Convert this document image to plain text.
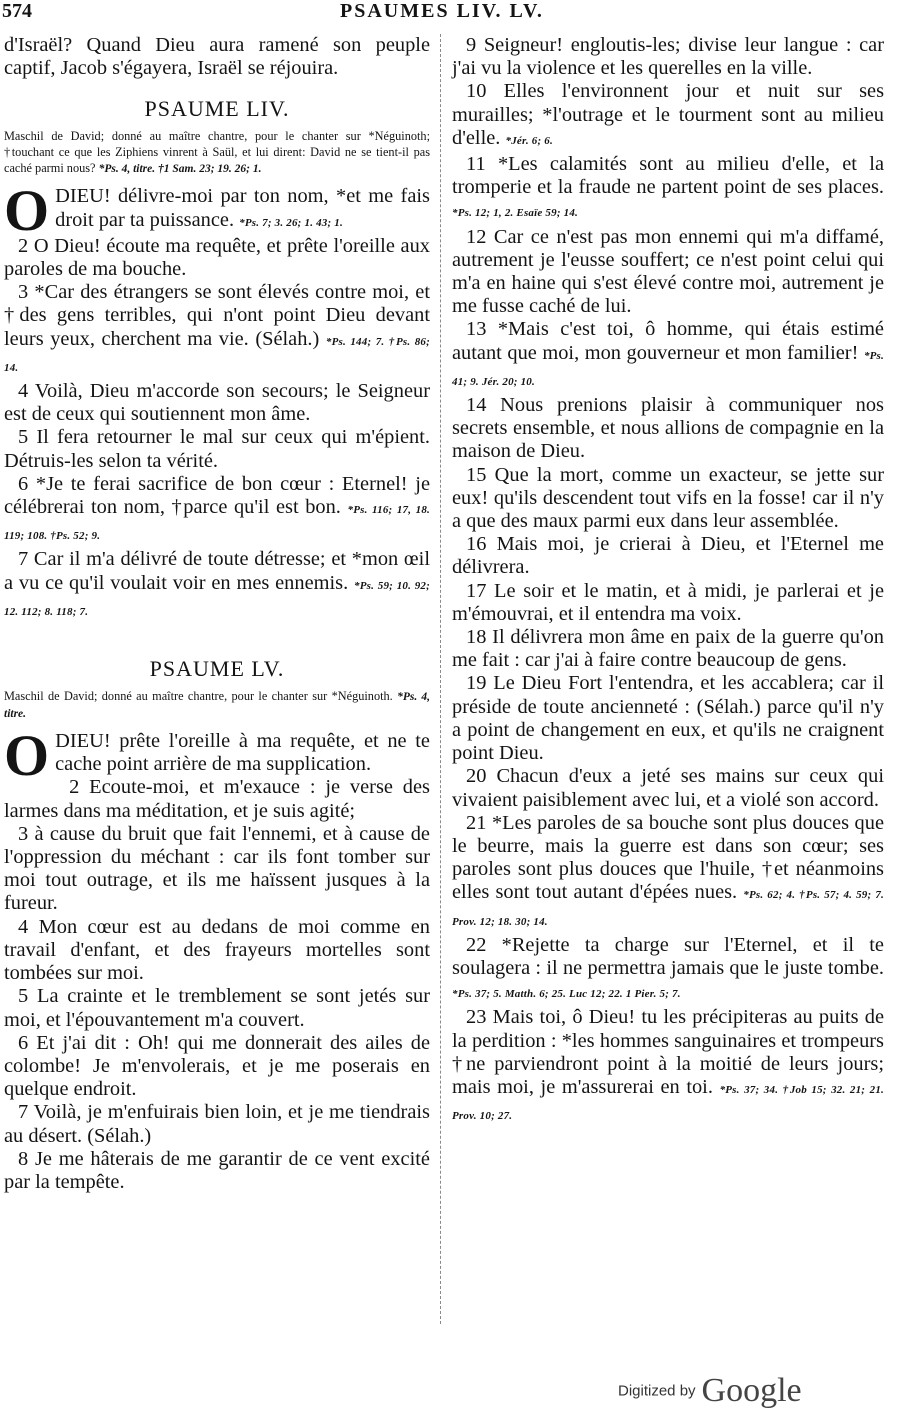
574	PSAUMES LIV. LV.

d'Israël? Quand Dieu aura ramené son peuple captif, Jacob s'égayera, Israël se réjouira.

PSAUME LIV.

Maschil de David; donné au maître chantre, pour le chanter sur *Néguinoth; †touchant ce que les Ziphiens vinrent à Saül, et lui dirent: David ne se tient-il pas caché parmi nous? *Ps. 4, titre. †1 Sam. 23; 19. 26; 1.

ODIEU! délivre-moi par ton nom, *et me fais droit par ta puissance. *Ps. 7; 3. 26; 1. 43; 1.

2 O Dieu! écoute ma requête, et prête l'oreille aux paroles de ma bouche.

3 *Car des étrangers se sont élevés contre moi, et †des gens terribles, qui n'ont point Dieu devant leurs yeux, cherchent ma vie. (Sélah.) *Ps. 144; 7. †Ps. 86; 14.

4 Voilà, Dieu m'accorde son secours; le Seigneur est de ceux qui soutiennent mon âme.

5 Il fera retourner le mal sur ceux qui m'épient. Détruis-les selon ta vérité.

6 *Je te ferai sacrifice de bon cœur : Eternel! je célébrerai ton nom, †parce qu'il est bon. *Ps. 116; 17, 18. 119; 108. †Ps. 52; 9.

7 Car il m'a délivré de toute détresse; et *mon œil a vu ce qu'il voulait voir en mes ennemis. *Ps. 59; 10. 92; 12. 112; 8. 118; 7.

PSAUME LV.

Maschil de David; donné au maître chantre, pour le chanter sur *Néguinoth. *Ps. 4, titre.

ODIEU! prête l'oreille à ma requête, et ne te cache point arrière de ma supplication.

2 Ecoute-moi, et m'exauce : je verse des larmes dans ma méditation, et je suis agité;

3 à cause du bruit que fait l'ennemi, et à cause de l'oppression du méchant : car ils font tomber sur moi tout outrage, et ils me haïssent jusques à la fureur.

4 Mon cœur est au dedans de moi comme en travail d'enfant, et des frayeurs mortelles sont tombées sur moi.

5 La crainte et le tremblement se sont jetés sur moi, et l'épouvantement m'a couvert.

6 Et j'ai dit : Oh! qui me donnerait des ailes de colombe! Je m'envolerais, et je me poserais en quelque endroit.

7 Voilà, je m'enfuirais bien loin, et je me tiendrais au désert. (Sélah.)

8 Je me hâterais de me garantir de ce vent excité par la tempête.

9 Seigneur! engloutis-les; divise leur langue : car j'ai vu la violence et les querelles en la ville.

10 Elles l'environnent jour et nuit sur ses murailles; *l'outrage et le tourment sont au milieu d'elle. *Jér. 6; 6.

11 *Les calamités sont au milieu d'elle, et la tromperie et la fraude ne partent point de ses places. *Ps. 12; 1, 2. Esaïe 59; 14.

12 Car ce n'est pas mon ennemi qui m'a diffamé, autrement je l'eusse souffert; ce n'est point celui qui m'a en haine qui s'est élevé contre moi, autrement je me fusse caché de lui.

13 *Mais c'est toi, ô homme, qui étais estimé autant que moi, mon gouverneur et mon familier! *Ps. 41; 9. Jér. 20; 10.

14 Nous prenions plaisir à communiquer nos secrets ensemble, et nous allions de compagnie en la maison de Dieu.

15 Que la mort, comme un exacteur, se jette sur eux! qu'ils descendent tout vifs en la fosse! car il n'y a que des maux parmi eux dans leur assemblée.

16 Mais moi, je crierai à Dieu, et l'Eternel me délivrera.

17 Le soir et le matin, et à midi, je parlerai et je m'émouvrai, et il entendra ma voix.

18 Il délivrera mon âme en paix de la guerre qu'on me fait : car j'ai à faire contre beaucoup de gens.

19 Le Dieu Fort l'entendra, et les accablera; car il préside de toute ancienneté : (Sélah.) parce qu'il n'y a point de changement en eux, et qu'ils ne craignent point Dieu.

20 Chacun d'eux a jeté ses mains sur ceux qui vivaient paisiblement avec lui, et a violé son accord.

21 *Les paroles de sa bouche sont plus douces que le beurre, mais la guerre est dans son cœur; ses paroles sont plus douces que l'huile, †et néanmoins elles sont tout autant d'épées nues. *Ps. 62; 4. †Ps. 57; 4. 59; 7. Prov. 12; 18. 30; 14.

22 *Rejette ta charge sur l'Eternel, et il te soulagera : il ne permettra jamais que le juste tombe. *Ps. 37; 5. Matth. 6; 25. Luc 12; 22. 1 Pier. 5; 7.

23 Mais toi, ô Dieu! tu les précipiteras au puits de la perdition : *les hommes sanguinaires et trompeurs †ne parviendront point à la moitié de leurs jours; mais moi, je m'assurerai en toi. *Ps. 37; 34. †Job 15; 32. 21; 21. Prov. 10; 27.

Digitized by Google
